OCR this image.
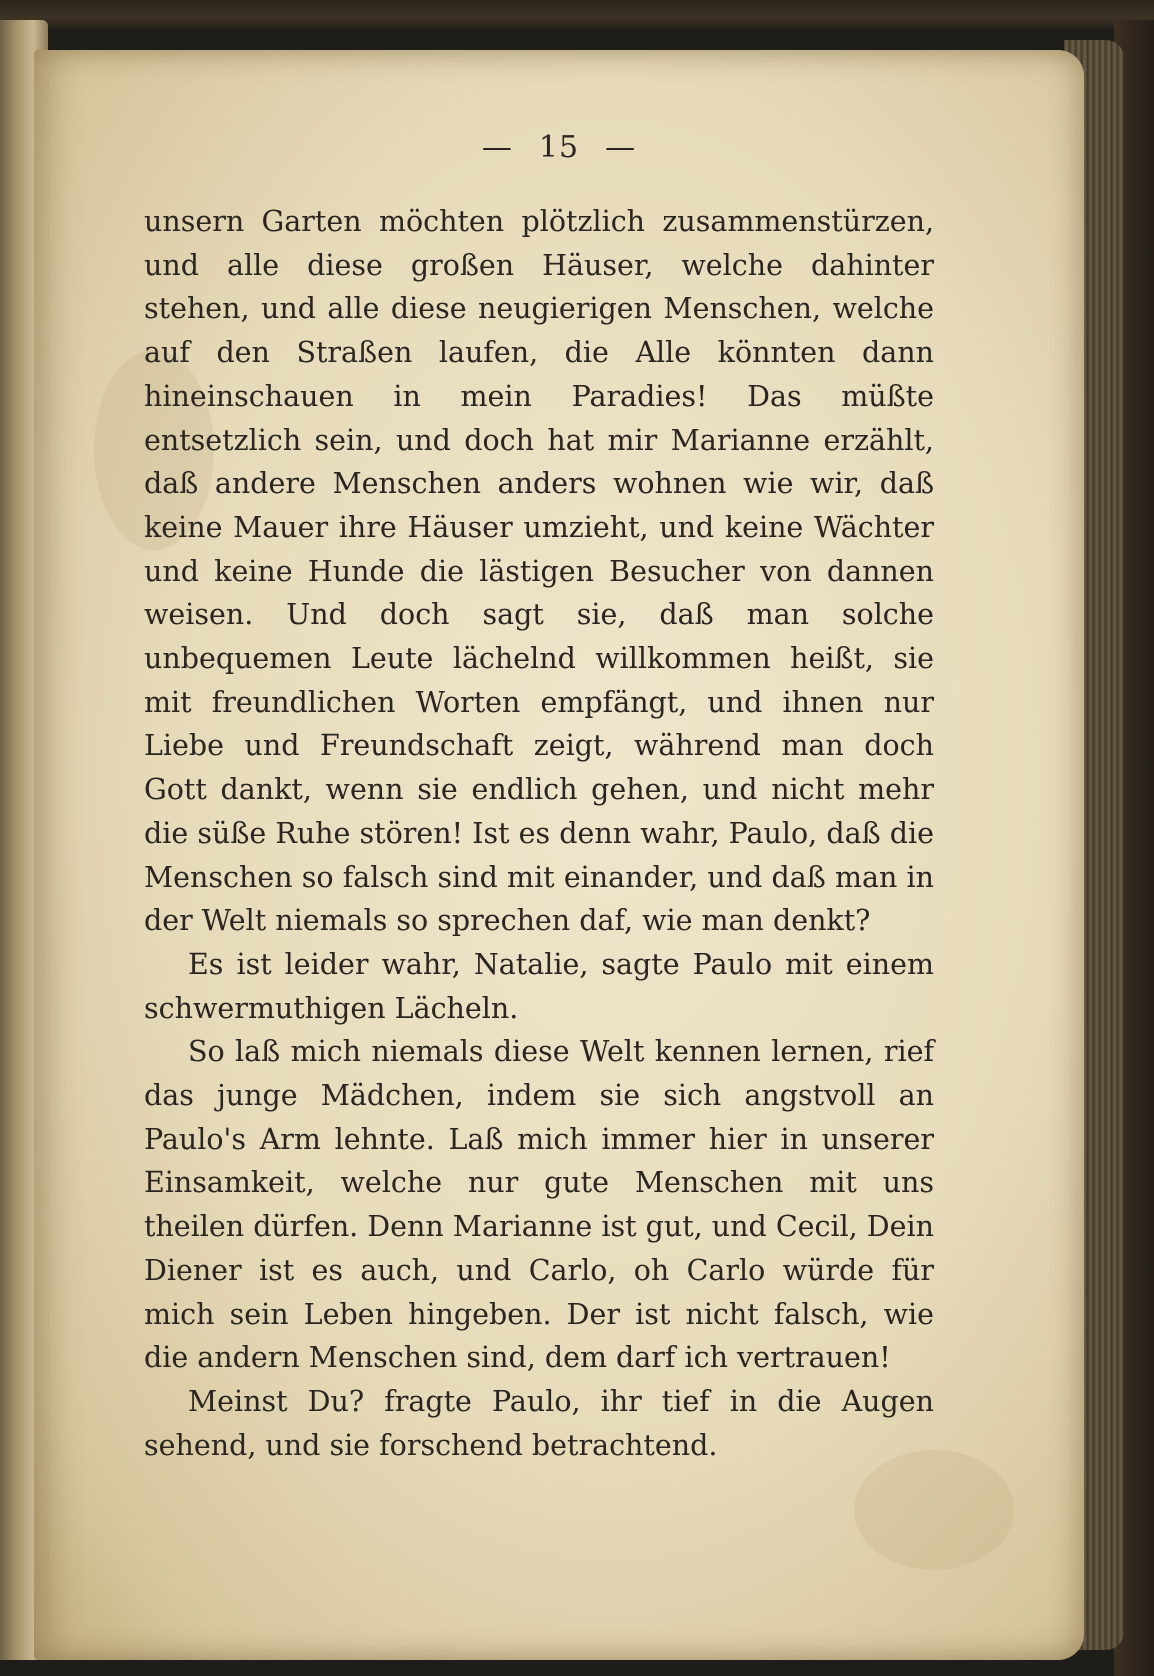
— 15 —

unsern Garten möchten plötzlich zusammenstürzen, und alle diese großen Häuser, welche dahinter stehen, und alle diese neugierigen Menschen, welche auf den Straßen laufen, die Alle könnten dann hineinschauen in mein Paradies! Das müßte entsetzlich sein, und doch hat mir Marianne erzählt, daß andere Menschen anders wohnen wie wir, daß keine Mauer ihre Häuser umzieht, und keine Wächter und keine Hunde die lästigen Besucher von dannen weisen. Und doch sagt sie, daß man solche unbequemen Leute lächelnd willkommen heißt, sie mit freundlichen Worten empfängt, und ihnen nur Liebe und Freundschaft zeigt, während man doch Gott dankt, wenn sie endlich gehen, und nicht mehr die süße Ruhe stören! Ist es denn wahr, Paulo, daß die Menschen so falsch sind mit einander, und daß man in der Welt niemals so sprechen daf, wie man denkt?

Es ist leider wahr, Natalie, sagte Paulo mit einem schwermuthigen Lächeln.

So laß mich niemals diese Welt kennen lernen, rief das junge Mädchen, indem sie sich angstvoll an Paulo's Arm lehnte. Laß mich immer hier in unserer Einsamkeit, welche nur gute Menschen mit uns theilen dürfen. Denn Marianne ist gut, und Cecil, Dein Diener ist es auch, und Carlo, oh Carlo würde für mich sein Leben hingeben. Der ist nicht falsch, wie die andern Menschen sind, dem darf ich vertrauen!

Meinst Du? fragte Paulo, ihr tief in die Augen sehend, und sie forschend betrachtend.
